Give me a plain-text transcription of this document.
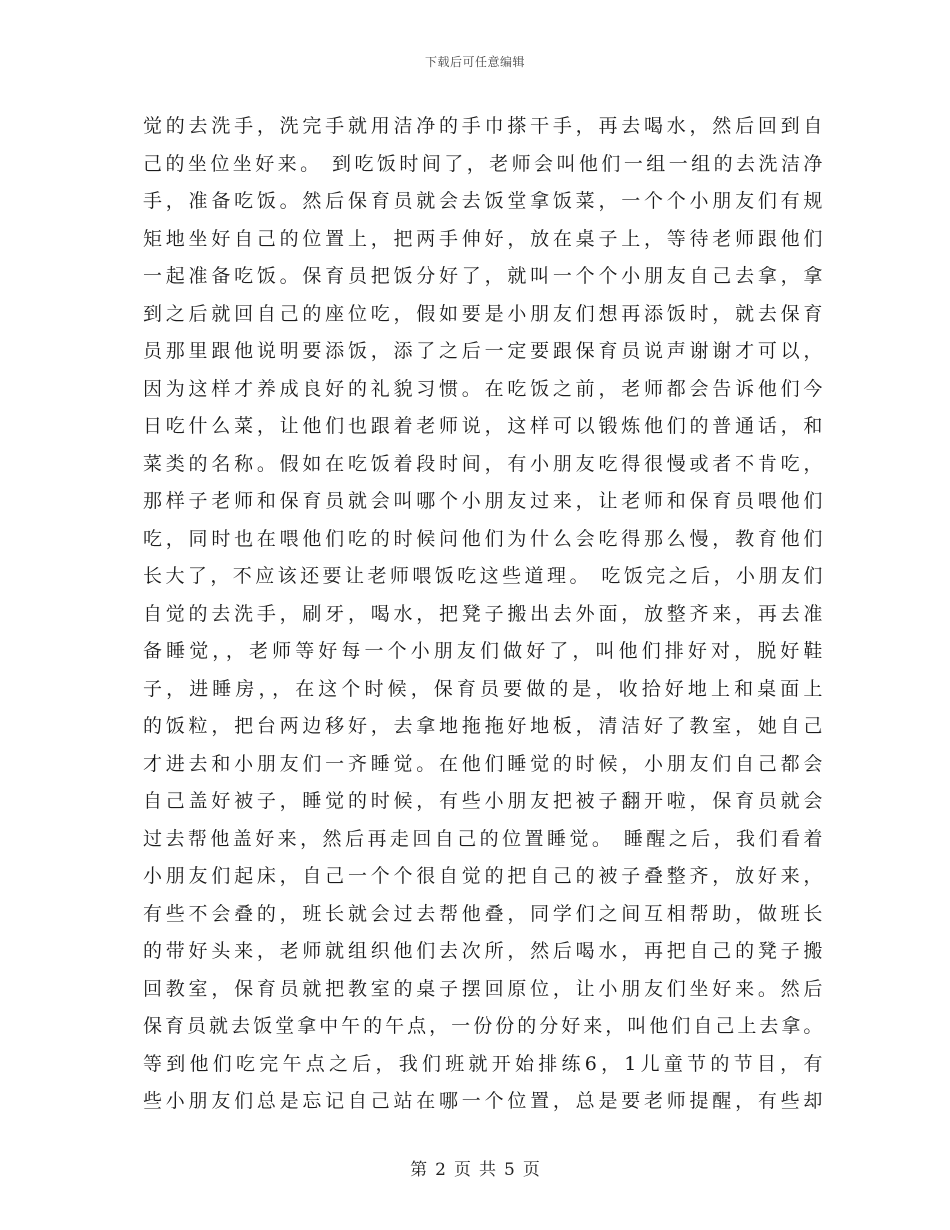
下载后可任意编辑
觉的去洗手，洗完手就用洁净的手巾搽干手，再去喝水，然后回到自
己的坐位坐好来。 到吃饭时间了，老师会叫他们一组一组的去洗洁净
手，准备吃饭。然后保育员就会去饭堂拿饭菜，一个个小朋友们有规
矩地坐好自己的位置上，把两手伸好，放在桌子上，等待老师跟他们
一起准备吃饭。保育员把饭分好了，就叫一个个小朋友自己去拿，拿
到之后就回自己的座位吃，假如要是小朋友们想再添饭时，就去保育
员那里跟他说明要添饭，添了之后一定要跟保育员说声谢谢才可以，
因为这样才养成良好的礼貌习惯。在吃饭之前，老师都会告诉他们今
日吃什么菜，让他们也跟着老师说，这样可以锻炼他们的普通话，和
菜类的名称。假如在吃饭着段时间，有小朋友吃得很慢或者不肯吃，
那样子老师和保育员就会叫哪个小朋友过来，让老师和保育员喂他们
吃，同时也在喂他们吃的时候问他们为什么会吃得那么慢，教育他们
长大了，不应该还要让老师喂饭吃这些道理。 吃饭完之后，小朋友们
自觉的去洗手，刷牙，喝水，把凳子搬出去外面，放整齐来，再去准
备睡觉，，老师等好每一个小朋友们做好了，叫他们排好对，脱好鞋
子，进睡房，，在这个时候，保育员要做的是，收拾好地上和桌面上
的饭粒，把台两边移好，去拿地拖拖好地板，清洁好了教室，她自己
才进去和小朋友们一齐睡觉。在他们睡觉的时候，小朋友们自己都会
自己盖好被子，睡觉的时候，有些小朋友把被子翻开啦，保育员就会
过去帮他盖好来，然后再走回自己的位置睡觉。 睡醒之后，我们看着
小朋友们起床，自己一个个很自觉的把自己的被子叠整齐，放好来，
有些不会叠的，班长就会过去帮他叠，同学们之间互相帮助，做班长
的带好头来，老师就组织他们去次所，然后喝水，再把自己的凳子搬
回教室，保育员就把教室的桌子摆回原位，让小朋友们坐好来。然后
保育员就去饭堂拿中午的午点，一份份的分好来，叫他们自己上去拿。
等到他们吃完午点之后，我们班就开始排练6，1儿童节的节目，有
些小朋友们总是忘记自己站在哪一个位置，总是要老师提醒，有些却
第 2 页 共 5 页
